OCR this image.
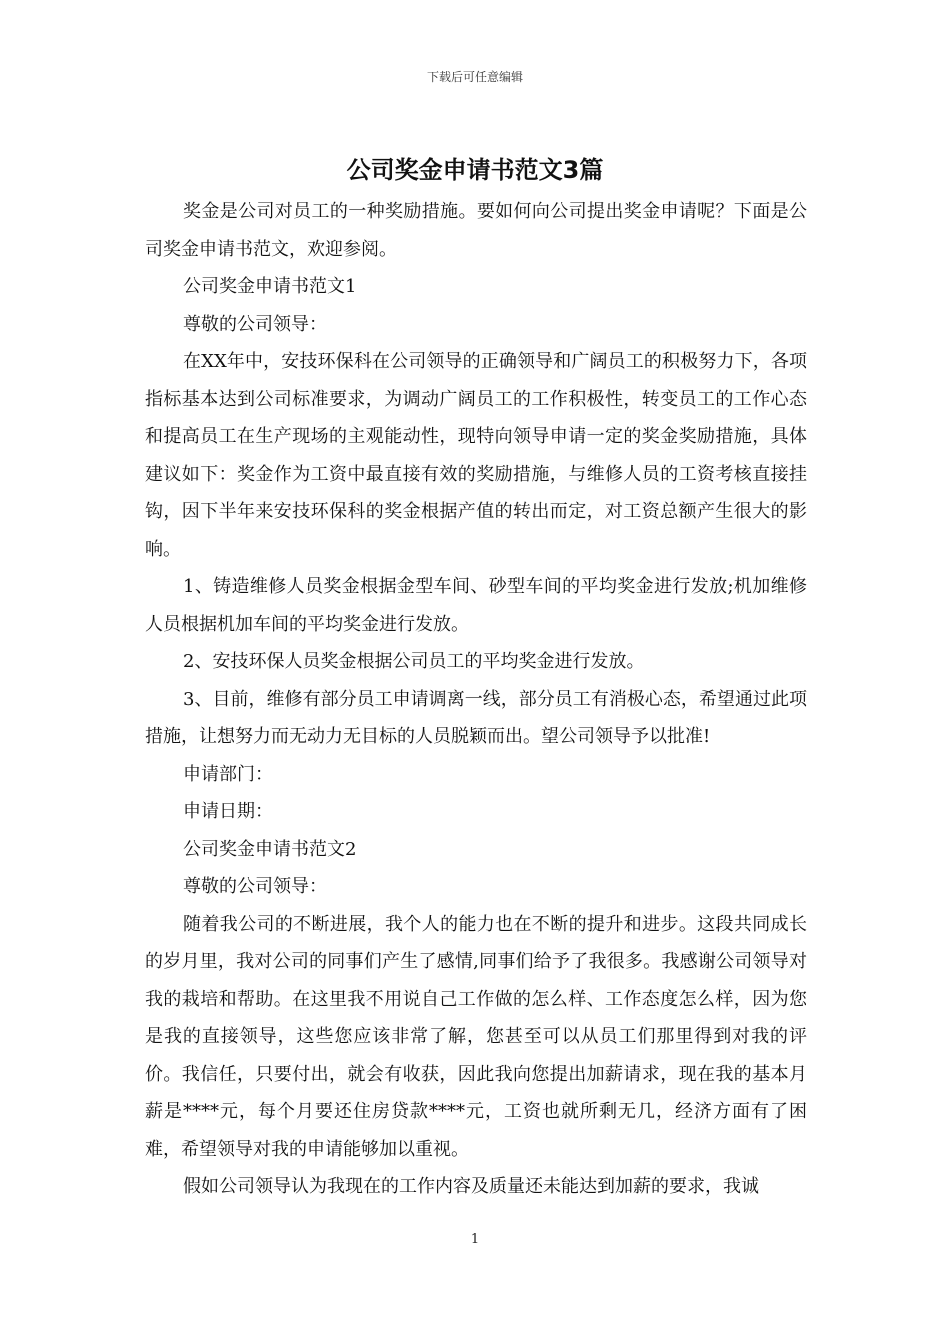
下载后可任意编辑
公司奖金申请书范文3篇

奖金是公司对员工的一种奖励措施。要如何向公司提出奖金申请呢？下面是公司奖金申请书范文，欢迎参阅。

公司奖金申请书范文1

尊敬的公司领导：

在XX年中，安技环保科在公司领导的正确领导和广阔员工的积极努力下，各项指标基本达到公司标准要求，为调动广阔员工的工作积极性，转变员工的工作心态和提高员工在生产现场的主观能动性，现特向领导申请一定的奖金奖励措施，具体建议如下：奖金作为工资中最直接有效的奖励措施，与维修人员的工资考核直接挂钩，因下半年来安技环保科的奖金根据产值的转出而定，对工资总额产生很大的影响。

1、铸造维修人员奖金根据金型车间、砂型车间的平均奖金进行发放;机加维修人员根据机加车间的平均奖金进行发放。

2、安技环保人员奖金根据公司员工的平均奖金进行发放。

3、目前，维修有部分员工申请调离一线，部分员工有消极心态，希望通过此项措施，让想努力而无动力无目标的人员脱颖而出。望公司领导予以批准!

申请部门：

申请日期：

公司奖金申请书范文2

尊敬的公司领导：

随着我公司的不断进展，我个人的能力也在不断的提升和进步。这段共同成长的岁月里，我对公司的同事们产生了感情,同事们给予了我很多。我感谢公司领导对我的栽培和帮助。在这里我不用说自己工作做的怎么样、工作态度怎么样，因为您是我的直接领导，这些您应该非常了解，您甚至可以从员工们那里得到对我的评价。我信任，只要付出，就会有收获，因此我向您提出加薪请求，现在我的基本月薪是****元，每个月要还住房贷款****元，工资也就所剩无几，经济方面有了困难，希望领导对我的申请能够加以重视。

假如公司领导认为我现在的工作内容及质量还未能达到加薪的要求，我诚

1
